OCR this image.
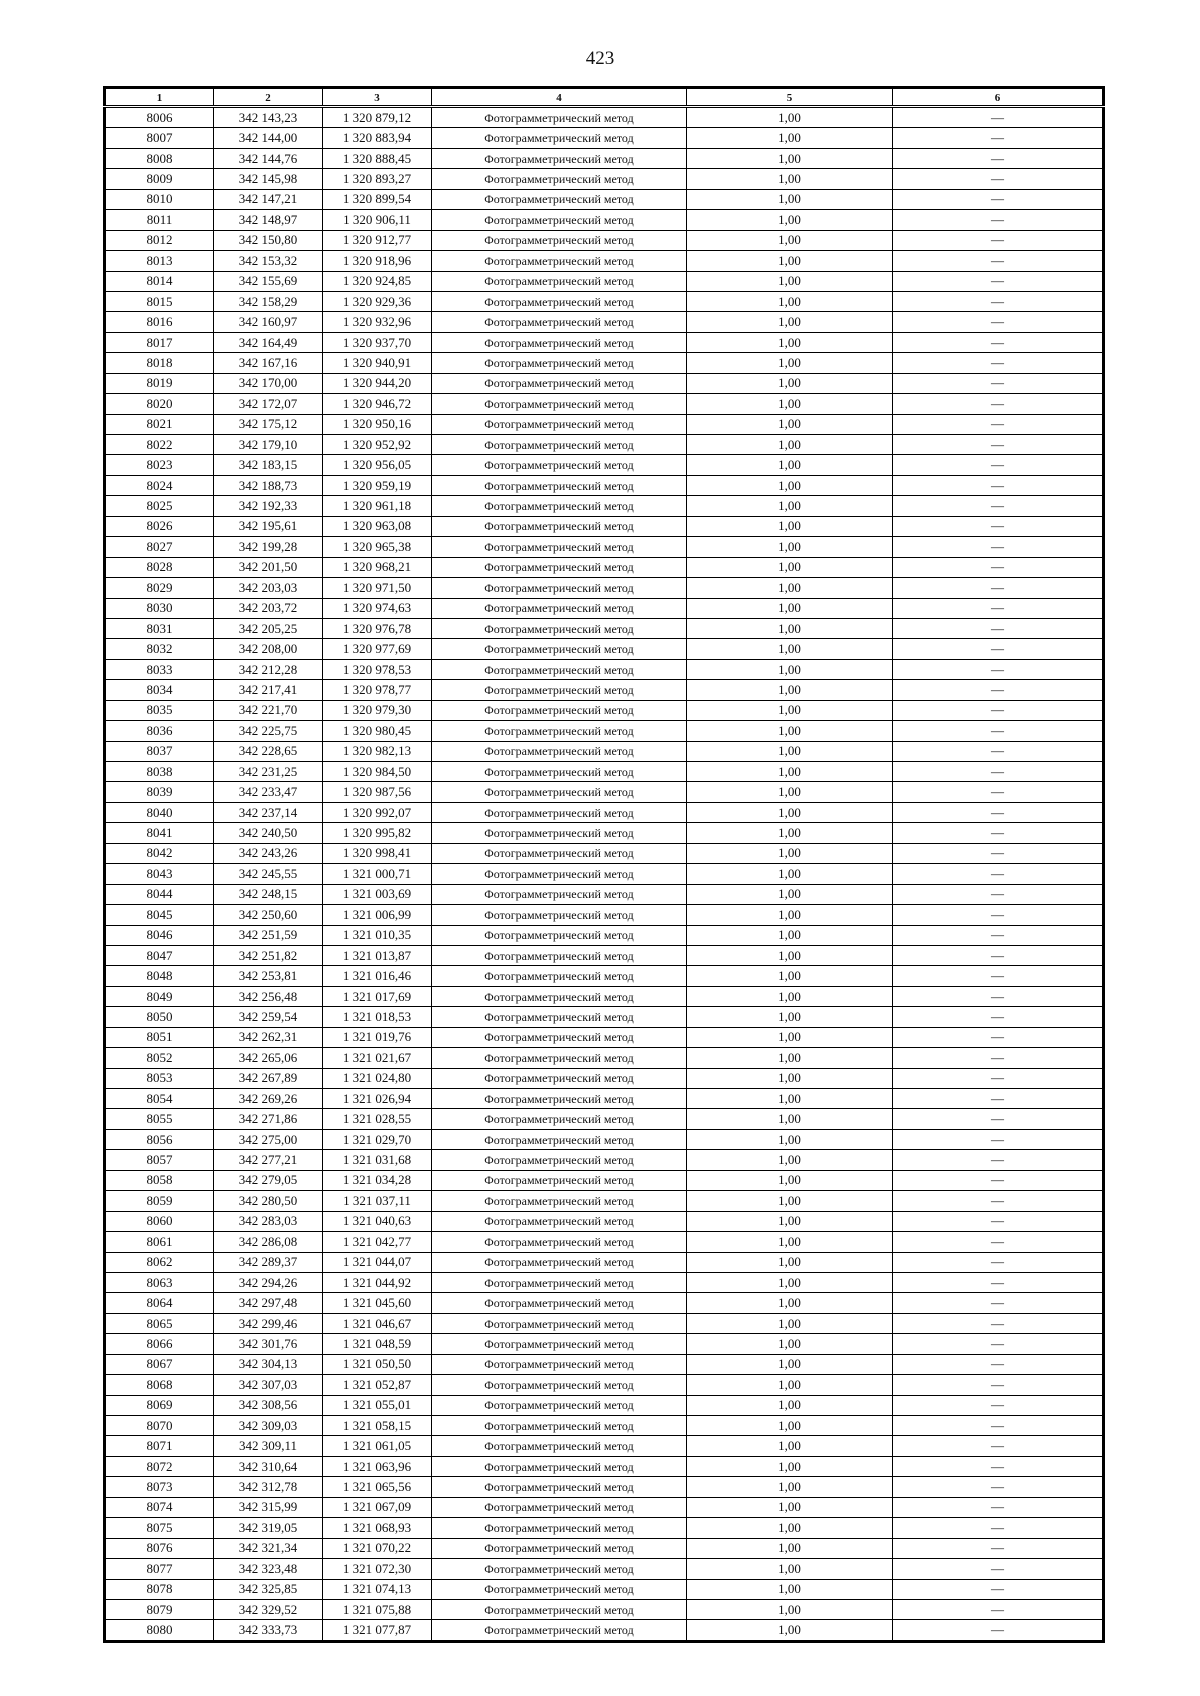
423
1	2	3	4	5	6
8006	342 143,23	1 320 879,12	Фотограмметрический метод	1,00	—
8007	342 144,00	1 320 883,94	Фотограмметрический метод	1,00	—
8008	342 144,76	1 320 888,45	Фотограмметрический метод	1,00	—
8009	342 145,98	1 320 893,27	Фотограмметрический метод	1,00	—
8010	342 147,21	1 320 899,54	Фотограмметрический метод	1,00	—
8011	342 148,97	1 320 906,11	Фотограмметрический метод	1,00	—
8012	342 150,80	1 320 912,77	Фотограмметрический метод	1,00	—
8013	342 153,32	1 320 918,96	Фотограмметрический метод	1,00	—
8014	342 155,69	1 320 924,85	Фотограмметрический метод	1,00	—
8015	342 158,29	1 320 929,36	Фотограмметрический метод	1,00	—
8016	342 160,97	1 320 932,96	Фотограмметрический метод	1,00	—
8017	342 164,49	1 320 937,70	Фотограмметрический метод	1,00	—
8018	342 167,16	1 320 940,91	Фотограмметрический метод	1,00	—
8019	342 170,00	1 320 944,20	Фотограмметрический метод	1,00	—
8020	342 172,07	1 320 946,72	Фотограмметрический метод	1,00	—
8021	342 175,12	1 320 950,16	Фотограмметрический метод	1,00	—
8022	342 179,10	1 320 952,92	Фотограмметрический метод	1,00	—
8023	342 183,15	1 320 956,05	Фотограмметрический метод	1,00	—
8024	342 188,73	1 320 959,19	Фотограмметрический метод	1,00	—
8025	342 192,33	1 320 961,18	Фотограмметрический метод	1,00	—
8026	342 195,61	1 320 963,08	Фотограмметрический метод	1,00	—
8027	342 199,28	1 320 965,38	Фотограмметрический метод	1,00	—
8028	342 201,50	1 320 968,21	Фотограмметрический метод	1,00	—
8029	342 203,03	1 320 971,50	Фотограмметрический метод	1,00	—
8030	342 203,72	1 320 974,63	Фотограмметрический метод	1,00	—
8031	342 205,25	1 320 976,78	Фотограмметрический метод	1,00	—
8032	342 208,00	1 320 977,69	Фотограмметрический метод	1,00	—
8033	342 212,28	1 320 978,53	Фотограмметрический метод	1,00	—
8034	342 217,41	1 320 978,77	Фотограмметрический метод	1,00	—
8035	342 221,70	1 320 979,30	Фотограмметрический метод	1,00	—
8036	342 225,75	1 320 980,45	Фотограмметрический метод	1,00	—
8037	342 228,65	1 320 982,13	Фотограмметрический метод	1,00	—
8038	342 231,25	1 320 984,50	Фотограмметрический метод	1,00	—
8039	342 233,47	1 320 987,56	Фотограмметрический метод	1,00	—
8040	342 237,14	1 320 992,07	Фотограмметрический метод	1,00	—
8041	342 240,50	1 320 995,82	Фотограмметрический метод	1,00	—
8042	342 243,26	1 320 998,41	Фотограмметрический метод	1,00	—
8043	342 245,55	1 321 000,71	Фотограмметрический метод	1,00	—
8044	342 248,15	1 321 003,69	Фотограмметрический метод	1,00	—
8045	342 250,60	1 321 006,99	Фотограмметрический метод	1,00	—
8046	342 251,59	1 321 010,35	Фотограмметрический метод	1,00	—
8047	342 251,82	1 321 013,87	Фотограмметрический метод	1,00	—
8048	342 253,81	1 321 016,46	Фотограмметрический метод	1,00	—
8049	342 256,48	1 321 017,69	Фотограмметрический метод	1,00	—
8050	342 259,54	1 321 018,53	Фотограмметрический метод	1,00	—
8051	342 262,31	1 321 019,76	Фотограмметрический метод	1,00	—
8052	342 265,06	1 321 021,67	Фотограмметрический метод	1,00	—
8053	342 267,89	1 321 024,80	Фотограмметрический метод	1,00	—
8054	342 269,26	1 321 026,94	Фотограмметрический метод	1,00	—
8055	342 271,86	1 321 028,55	Фотограмметрический метод	1,00	—
8056	342 275,00	1 321 029,70	Фотограмметрический метод	1,00	—
8057	342 277,21	1 321 031,68	Фотограмметрический метод	1,00	—
8058	342 279,05	1 321 034,28	Фотограмметрический метод	1,00	—
8059	342 280,50	1 321 037,11	Фотограмметрический метод	1,00	—
8060	342 283,03	1 321 040,63	Фотограмметрический метод	1,00	—
8061	342 286,08	1 321 042,77	Фотограмметрический метод	1,00	—
8062	342 289,37	1 321 044,07	Фотограмметрический метод	1,00	—
8063	342 294,26	1 321 044,92	Фотограмметрический метод	1,00	—
8064	342 297,48	1 321 045,60	Фотограмметрический метод	1,00	—
8065	342 299,46	1 321 046,67	Фотограмметрический метод	1,00	—
8066	342 301,76	1 321 048,59	Фотограмметрический метод	1,00	—
8067	342 304,13	1 321 050,50	Фотограмметрический метод	1,00	—
8068	342 307,03	1 321 052,87	Фотограмметрический метод	1,00	—
8069	342 308,56	1 321 055,01	Фотограмметрический метод	1,00	—
8070	342 309,03	1 321 058,15	Фотограмметрический метод	1,00	—
8071	342 309,11	1 321 061,05	Фотограмметрический метод	1,00	—
8072	342 310,64	1 321 063,96	Фотограмметрический метод	1,00	—
8073	342 312,78	1 321 065,56	Фотограмметрический метод	1,00	—
8074	342 315,99	1 321 067,09	Фотограмметрический метод	1,00	—
8075	342 319,05	1 321 068,93	Фотограмметрический метод	1,00	—
8076	342 321,34	1 321 070,22	Фотограмметрический метод	1,00	—
8077	342 323,48	1 321 072,30	Фотограмметрический метод	1,00	—
8078	342 325,85	1 321 074,13	Фотограмметрический метод	1,00	—
8079	342 329,52	1 321 075,88	Фотограмметрический метод	1,00	—
8080	342 333,73	1 321 077,87	Фотограмметрический метод	1,00	—
